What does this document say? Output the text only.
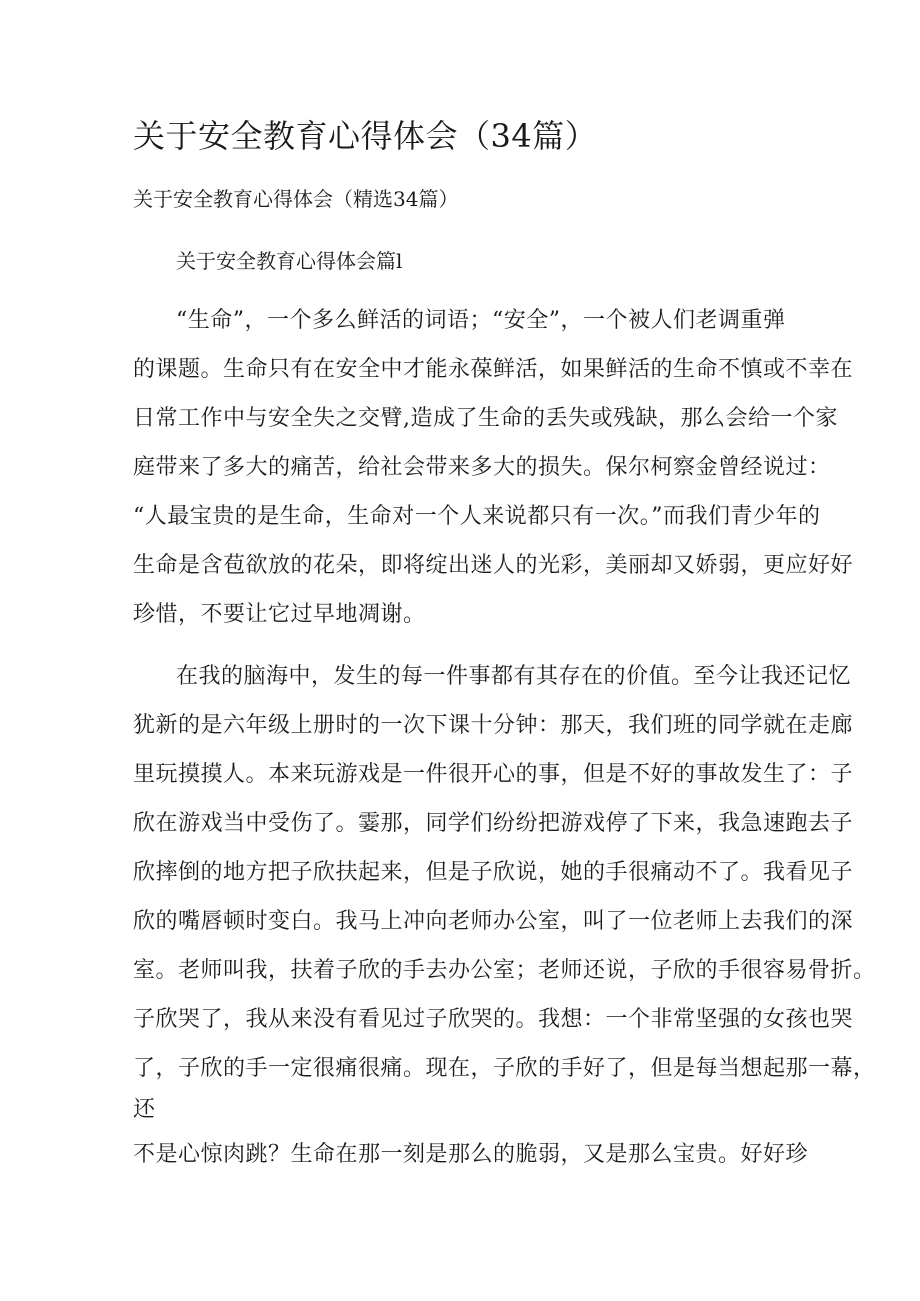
关于安全教育心得体会（34篇）
关于安全教育心得体会（精选34篇）
关于安全教育心得体会篇l
“生命”，一个多么鲜活的词语；“安全”，一个被人们老调重弹
的课题。生命只有在安全中才能永葆鲜活，如果鲜活的生命不慎或不幸在
日常工作中与安全失之交臂,造成了生命的丢失或残缺，那么会给一个家
庭带来了多大的痛苦，给社会带来多大的损失。保尔柯察金曾经说过：
“人最宝贵的是生命，生命对一个人来说都只有一次。”而我们青少年的
生命是含苞欲放的花朵，即将绽出迷人的光彩，美丽却又娇弱，更应好好
珍惜，不要让它过早地凋谢。
在我的脑海中，发生的每一件事都有其存在的价值。至今让我还记忆
犹新的是六年级上册时的一次下课十分钟：那天，我们班的同学就在走廊
里玩摸摸人。本来玩游戏是一件很开心的事，但是不好的事故发生了：子
欣在游戏当中受伤了。霎那，同学们纷纷把游戏停了下来，我急速跑去子
欣摔倒的地方把子欣扶起来，但是子欣说，她的手很痛动不了。我看见子
欣的嘴唇顿时变白。我马上冲向老师办公室，叫了一位老师上去我们的深
室。老师叫我，扶着子欣的手去办公室；老师还说，子欣的手很容易骨折。
子欣哭了，我从来没有看见过子欣哭的。我想：一个非常坚强的女孩也哭
了，子欣的手一定很痛很痛。现在，子欣的手好了，但是每当想起那一幕，
还
不是心惊肉跳？生命在那一刻是那么的脆弱，又是那么宝贵。好好珍
